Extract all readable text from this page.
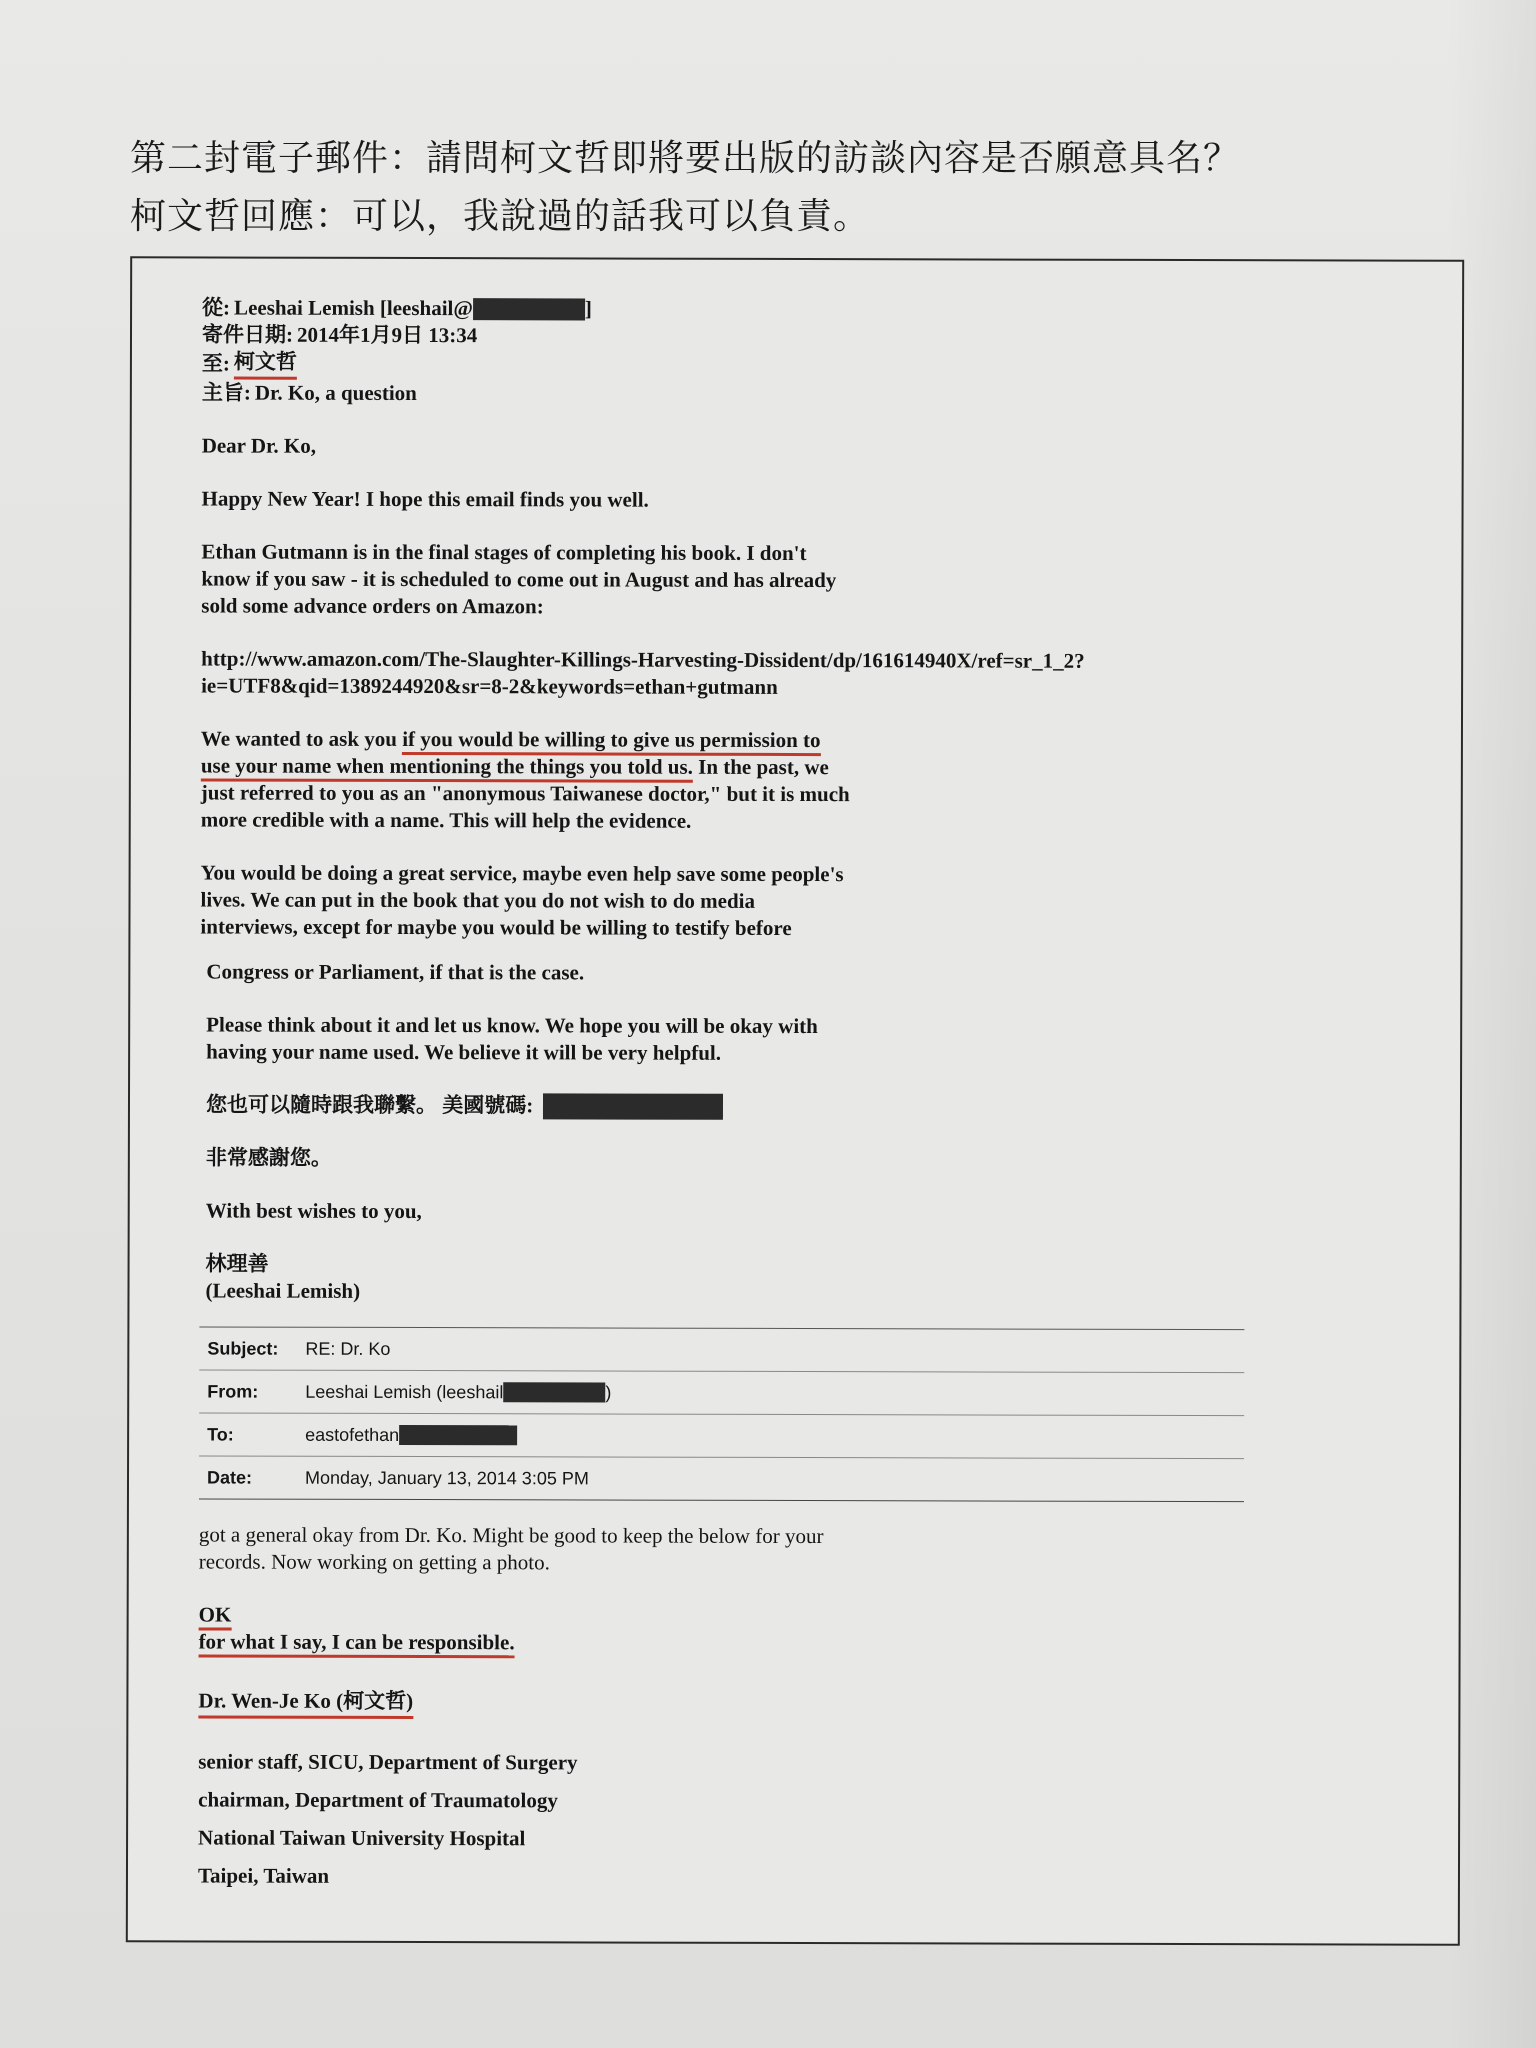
第二封電子郵件：請問柯文哲即將要出版的訪談內容是否願意具名？
柯文哲回應：可以，我說過的話我可以負責。
從: Leeshai Lemish [leeshail@	]
寄件日期: 2014年1月9日 13:34
至: 柯文哲
主旨: Dr. Ko, a question
Dear Dr. Ko,
Happy New Year! I hope this email finds you well.
Ethan Gutmann is in the final stages of completing his book. I don't
know if you saw - it is scheduled to come out in August and has already
sold some advance orders on Amazon:
http://www.amazon.com/The-Slaughter-Killings-Harvesting-Dissident/dp/161614940X/ref=sr_1_2?
ie=UTF8&qid=1389244920&sr=8-2&keywords=ethan+gutmann
We wanted to ask you if you would be willing to give us permission to
use your name when mentioning the things you told us. In the past, we
just referred to you as an "anonymous Taiwanese doctor," but it is much
more credible with a name. This will help the evidence.
You would be doing a great service, maybe even help save some people's
lives. We can put in the book that you do not wish to do media
interviews, except for maybe you would be willing to testify before
Congress or Parliament, if that is the case.
Please think about it and let us know. We hope you will be okay with
having your name used. We believe it will be very helpful.
您也可以隨時跟我聯繫。 美國號碼:
非常感謝您。
With best wishes to you,
林理善
(Leeshai Lemish)
Subject:	RE: Dr. Ko
From:	Leeshai Lemish (leeshail	)
To:	eastofethan
Date:	Monday, January 13, 2014 3:05 PM
got a general okay from Dr. Ko. Might be good to keep the below for your
records. Now working on getting a photo.
OK
for what I say, I can be responsible.
Dr. Wen-Je Ko (柯文哲)
senior staff, SICU, Department of Surgery
chairman, Department of Traumatology
National Taiwan University Hospital
Taipei, Taiwan
